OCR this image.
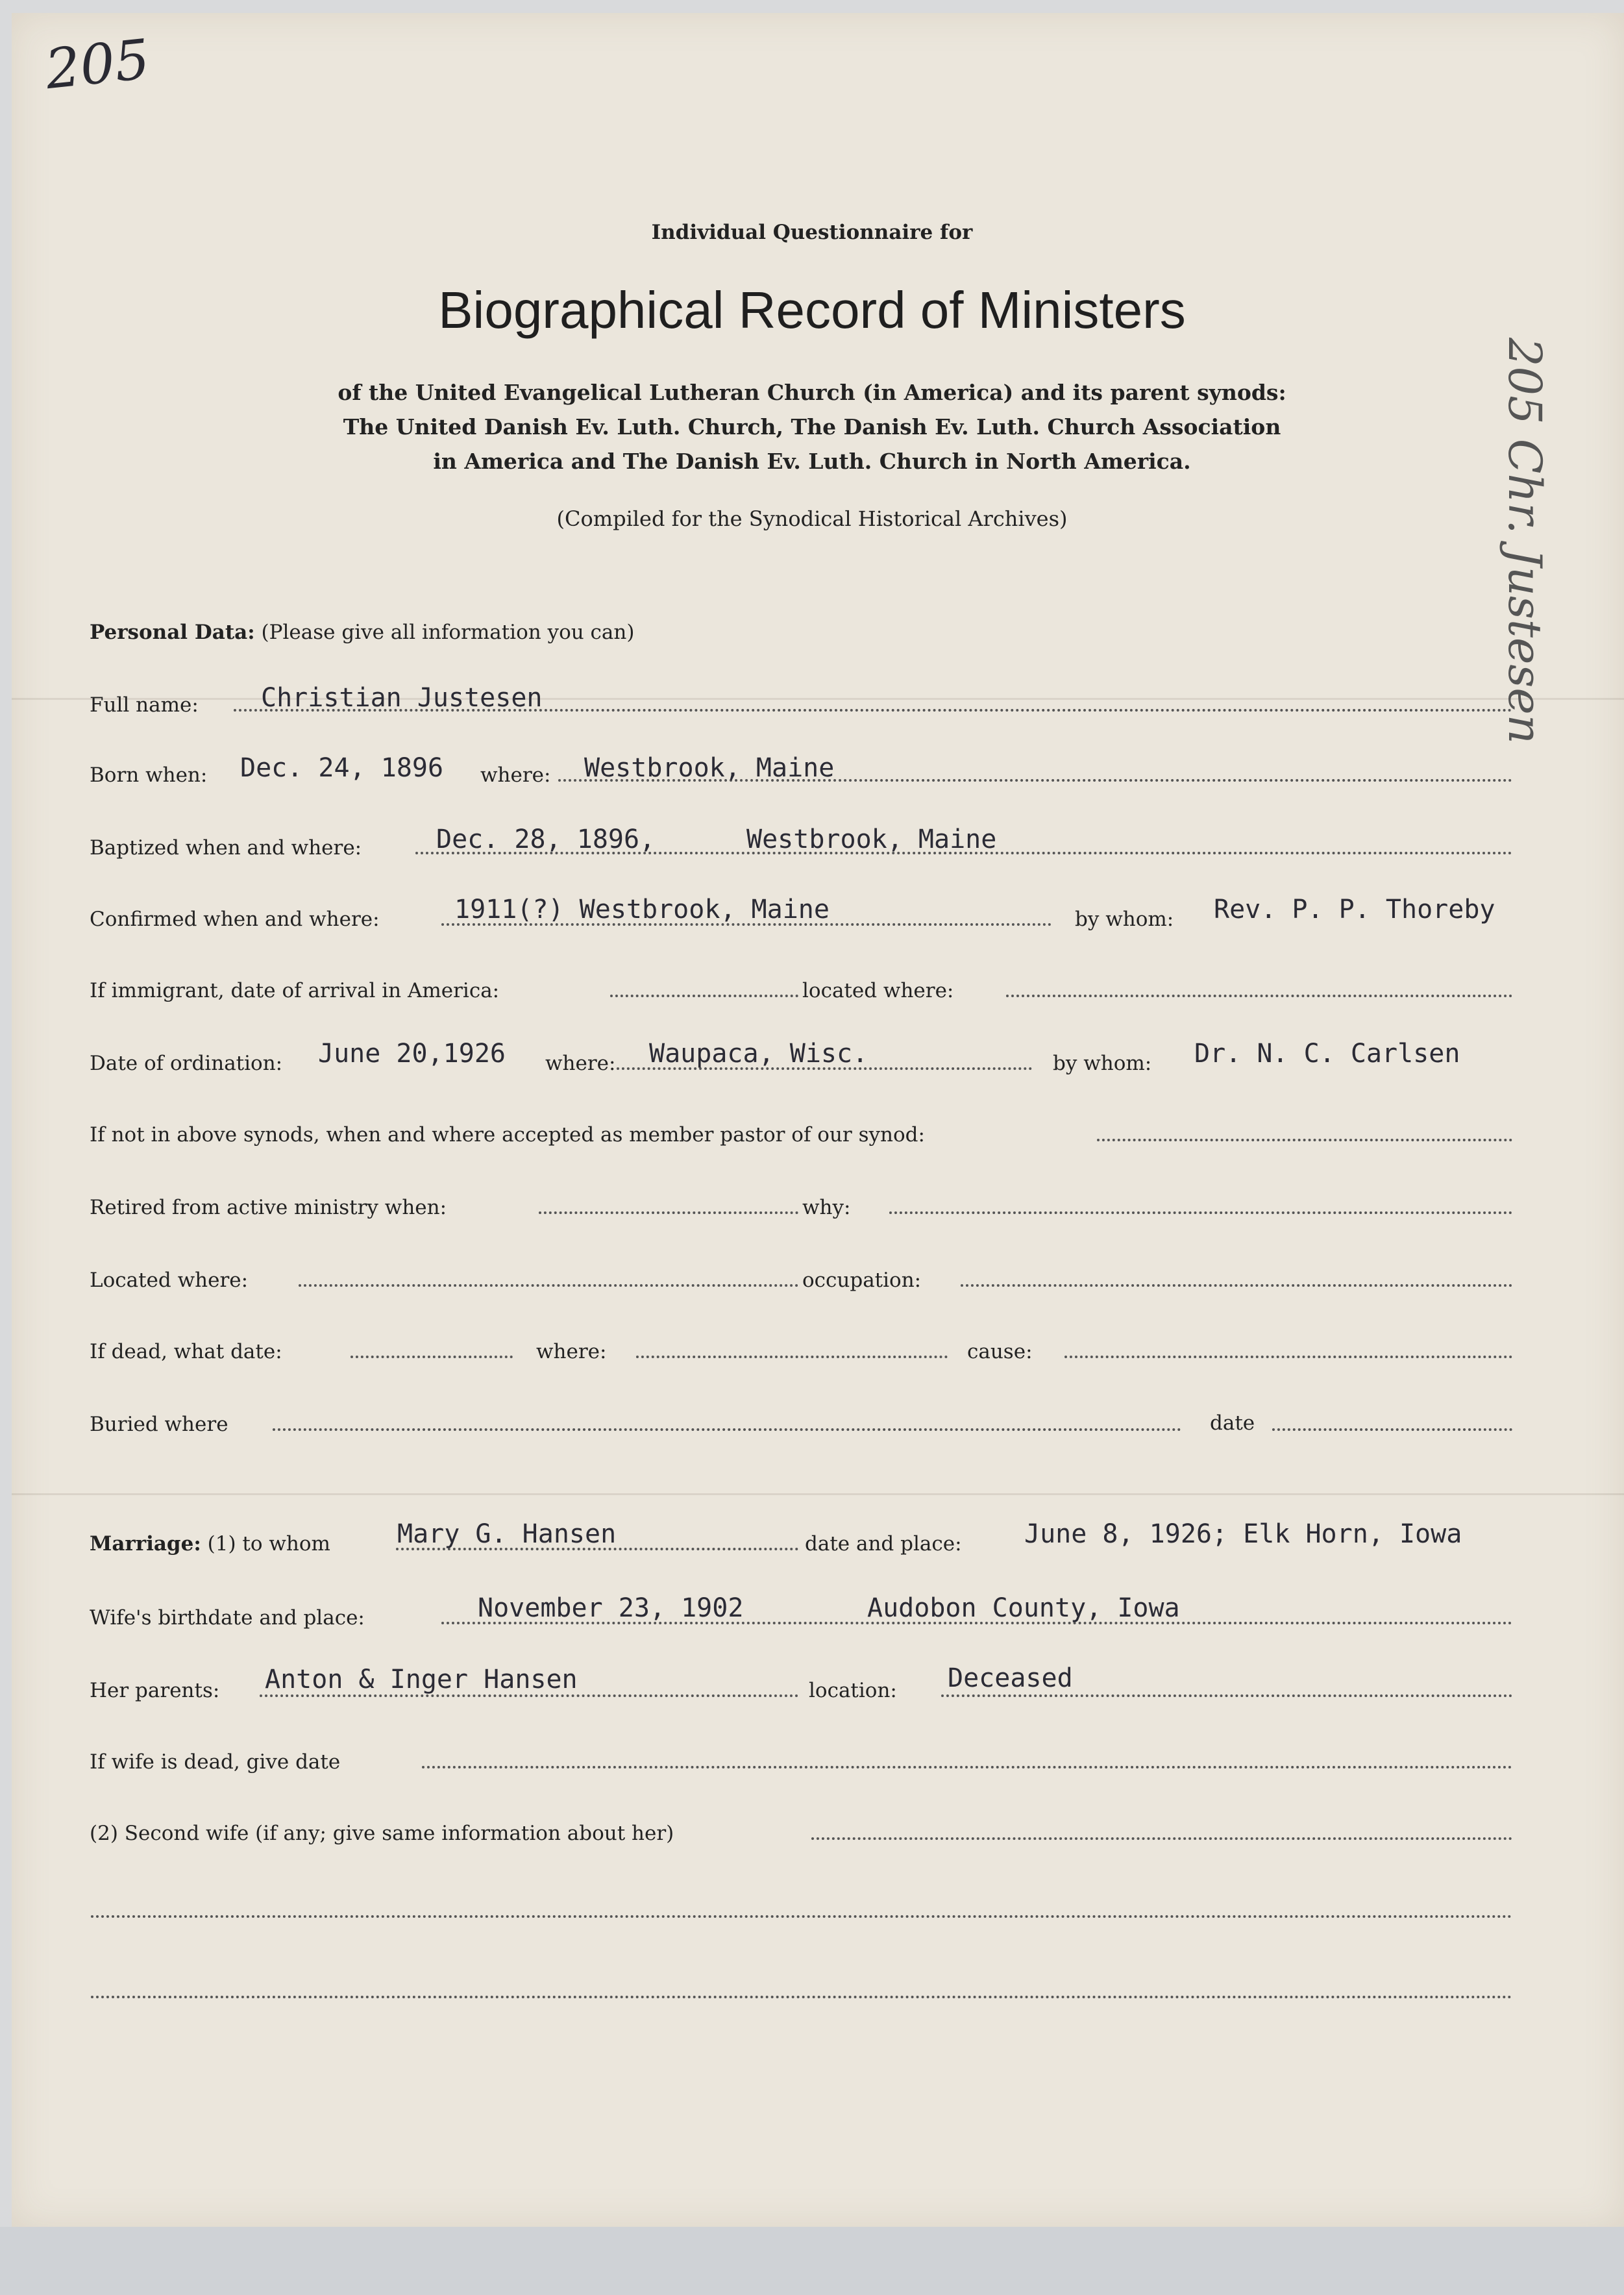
205
205 Chr. Justesen
Individual Questionnaire for
Biographical Record of Ministers
of the United Evangelical Lutheran Church (in America) and its parent synods:
The United Danish Ev. Luth. Church, The Danish Ev. Luth. Church Association
in America and The Danish Ev. Luth. Church in North America.
(Compiled for the Synodical Historical Archives)
Personal Data: (Please give all information you can)
Full name: Christian Justesen
Born when: Dec. 24, 1896 where: Westbrook, Maine
Baptized when and where:	Dec. 28, 1896,	Westbrook, Maine
Confirmed when and where:	1911(?) Westbrook, Maine	by whom: Rev. P. P. Thoreby
If immigrant, date of arrival in America:	located where:
Date of ordination: June 20,1926 where: Waupaca, Wisc.	by whom: Dr. N. C. Carlsen
If not in above synods, when and where accepted as member pastor of our synod:
Retired from active ministry when:	why:
Located where:	occupation:
If dead, what date:	where:	cause:
Buried where	date
Marriage: (1) to whom	Mary G. Hansen	date and place: June 8, 1926; Elk Horn, Iowa
Wife's birthdate and place:	November 23, 1902	Audobon County, Iowa
Her parents: Anton & Inger Hansen	location: Deceased
If wife is dead, give date
(2) Second wife (if any; give same information about her)
